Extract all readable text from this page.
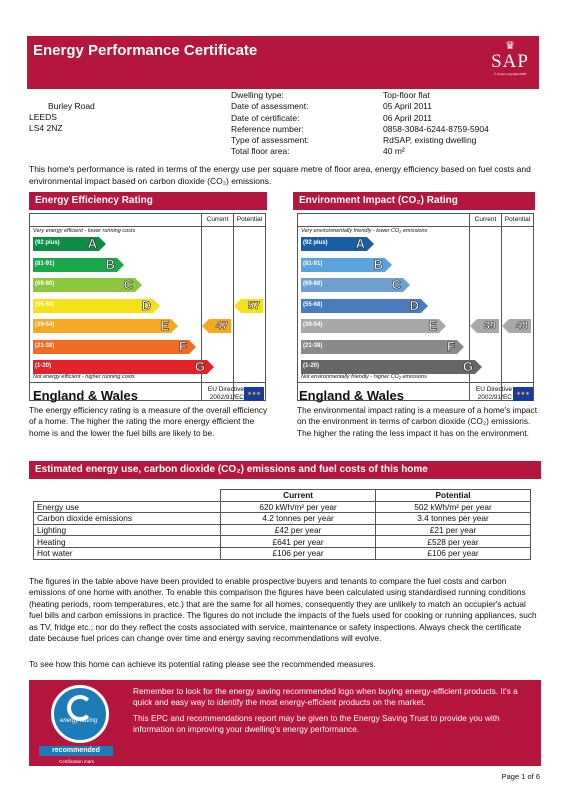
Energy Performance Certificate	♛
SAP
© Crown copyright 2005
Burley Road
LEEDS
LS4 2NZ
Dwelling type:	Top-floor flat
Date of assessment:	05 April 2011
Date of certificate:	06 April 2011
Reference number:	0858-3084-6244-8759-5904
Type of assessment:	RdSAP, existing dwelling
Total floor area:	40 m²
This home's performance is rated in terms of the energy use per square metre of floor area, energy efficiency based on fuel costs and environmental impact based on carbon dioxide (CO₂) emissions.
Energy Efficiency Rating
Current	Potential
Very energy efficient - lower running costs
Not energy efficient - higher running costs
(92 plus) A
(81-91)	B
(69-80)	C
(55-68)	D
(39-54)	E
(21-38)	F
(1-20)	G
47
57
England & Wales	EU Directive
2002/91/EC ★★★
The energy efficiency rating is a measure of the overall efficiency of a home. The higher the rating the more energy efficient the home is and the lower the fuel bills are likely to be.
Environment Impact (CO₂) Rating
Current	Potential
Very environmentally friendly - lower CO₂ emissions
Not environmentally friendly - higher CO₂ emissions
(92 plus) A
(81-91)	B
(69-80)	C
(55-68)	D
(39-54)	E
(21-38)	F
(1-20)	G
39	48
England & Wales	EU Directive
2002/91/EC ★★★
The environmental impact rating is a measure of a home's impact on the environment in terms of carbon dioxide (CO₂) emissions. The higher the rating the less impact it has on the environment.
Estimated energy use, carbon dioxide (CO₂) emissions and fuel costs of this home
	Current	Potential
Energy use	620 kWh/m² per year	502 kWh/m² per year
Carbon dioxide emissions	4.2 tonnes per year	3.4 tonnes per year
Lighting	£42 per year	£21 per year
Heating	£641 per year	£528 per year
Hot water	£106 per year	£106 per year
The figures in the table above have been provided to enable prospective buyers and tenants to compare the fuel costs and carbon emissions of one home with another. To enable this comparison the figures have been calculated using standardised running conditions (heating periods, room temperatures, etc.) that are the same for all homes, consequently they are unlikely to match an occupier's actual fuel bills and carbon emissions in practice. The figures do not include the impacts of the fuels used for cooking or running appliances, such as TV, fridge etc.; nor do they reflect the costs associated with service, maintenance or safety inspections. Always check the certificate date because fuel prices can change over time and energy saving recommendations will evolve.
To see how this home can achieve its potential rating please see the recommended measures.
energy saving
recommended
Certification mark
Remember to look for the energy saving recommended logo when buying energy-efficient products. It's a quick and easy way to identify the most energy-efficient products on the market.
This EPC and recommendations report may be given to the Energy Saving Trust to provide you with information on improving your dwelling's energy performance.
Page 1 of 6
